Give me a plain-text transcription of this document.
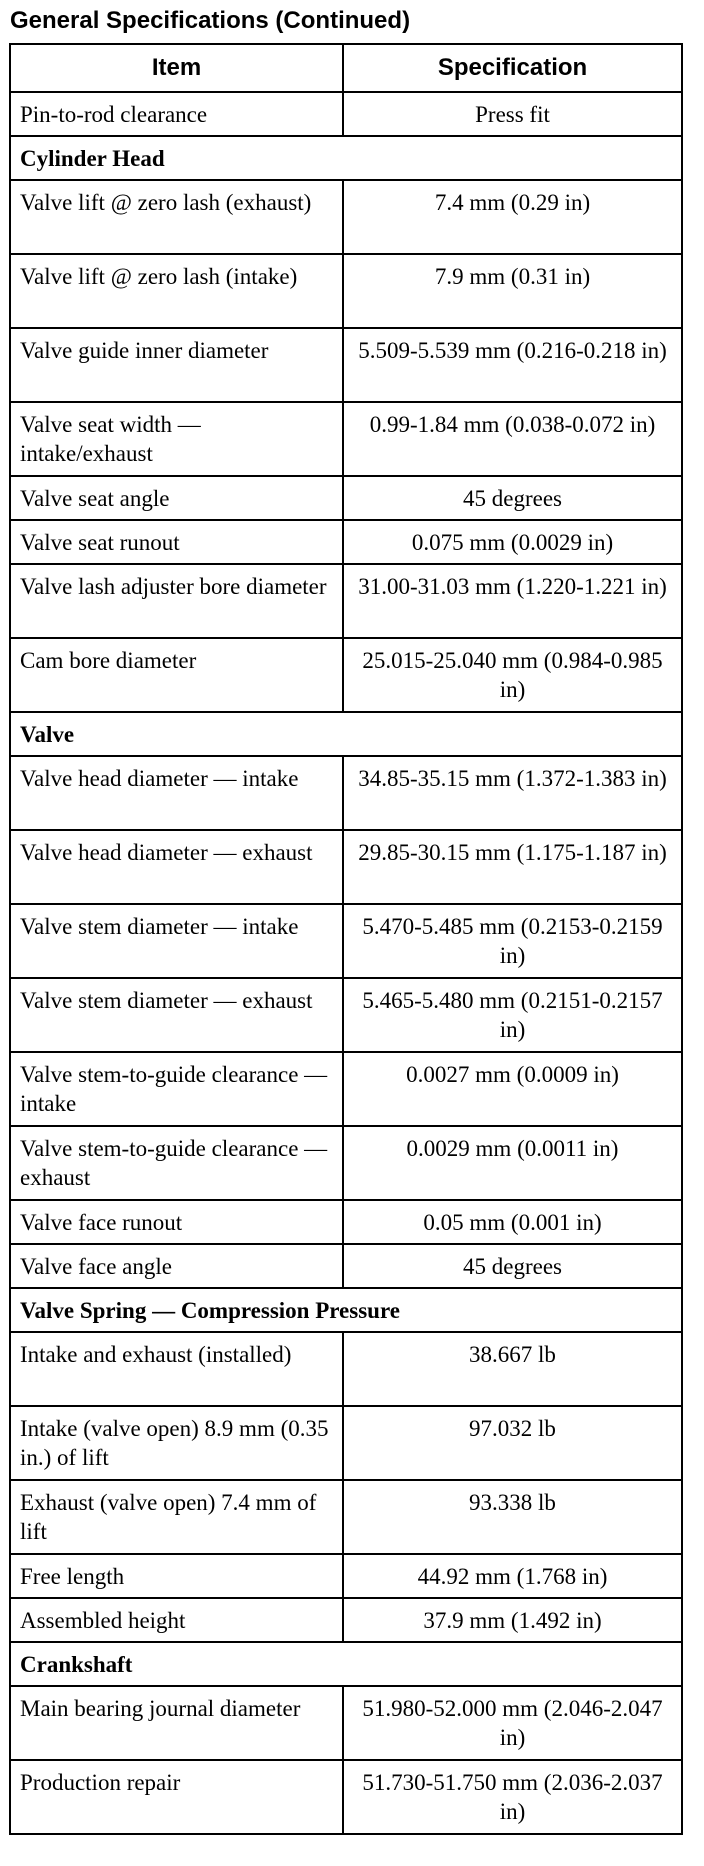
General Specifications (Continued)
Item	Specification
Pin-to-rod clearance	Press fit
Cylinder Head	
Valve lift @ zero lash (exhaust)	7.4 mm (0.29 in)
Valve lift @ zero lash (intake)	7.9 mm (0.31 in)
Valve guide inner diameter	5.509-5.539 mm (0.216-0.218 in)
Valve seat width — intake/exhaust	0.99-1.84 mm (0.038-0.072 in)
Valve seat angle	45 degrees
Valve seat runout	0.075 mm (0.0029 in)
Valve lash adjuster bore diameter	31.00-31.03 mm (1.220-1.221 in)
Cam bore diameter	25.015-25.040 mm (0.984-0.985 in)
Valve	
Valve head diameter — intake	34.85-35.15 mm (1.372-1.383 in)
Valve head diameter — exhaust	29.85-30.15 mm (1.175-1.187 in)
Valve stem diameter — intake	5.470-5.485 mm (0.2153-0.2159 in)
Valve stem diameter — exhaust	5.465-5.480 mm (0.2151-0.2157 in)
Valve stem-to-guide clearance — intake	0.0027 mm (0.0009 in)
Valve stem-to-guide clearance — exhaust	0.0029 mm (0.0011 in)
Valve face runout	0.05 mm (0.001 in)
Valve face angle	45 degrees
Valve Spring — Compression Pressure	
Intake and exhaust (installed)	38.667 lb
Intake (valve open) 8.9 mm (0.35 in.) of lift	97.032 lb
Exhaust (valve open) 7.4 mm of lift	93.338 lb
Free length	44.92 mm (1.768 in)
Assembled height	37.9 mm (1.492 in)
Crankshaft	
Main bearing journal diameter	51.980-52.000 mm (2.046-2.047 in)
Production repair	51.730-51.750 mm (2.036-2.037 in)
